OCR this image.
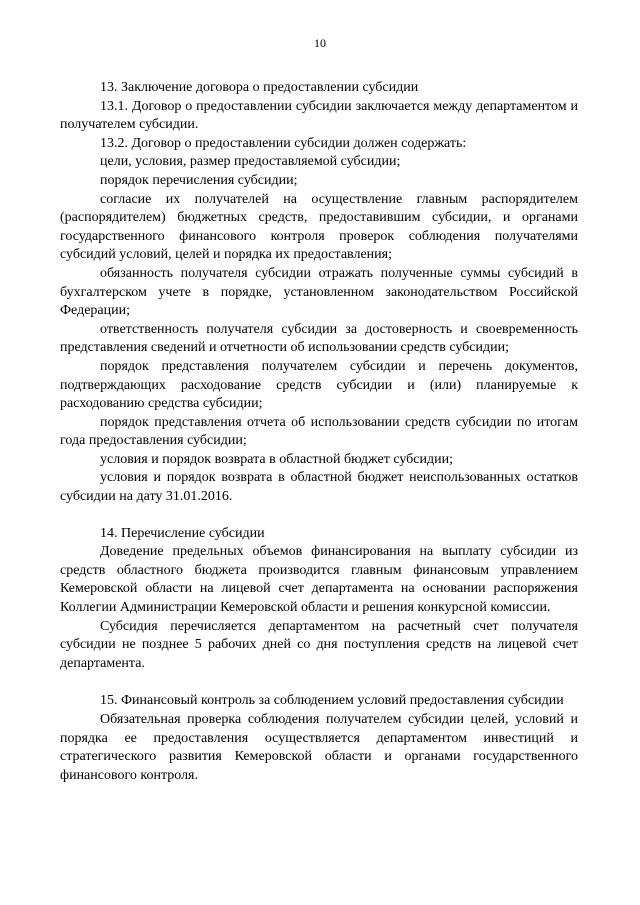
10

13. Заключение договора о предоставлении субсидии

13.1. Договор о предоставлении субсидии заключается между департаментом и получателем субсидии.

13.2. Договор о предоставлении субсидии должен содержать:

цели, условия, размер предоставляемой субсидии;

порядок перечисления субсидии;

согласие их получателей на осуществление главным распорядителем (распорядителем) бюджетных средств, предоставившим субсидии, и органами государственного финансового контроля проверок соблюдения получателями субсидий условий, целей и порядка их предоставления;

обязанность получателя субсидии отражать полученные суммы субсидий в бухгалтерском учете в порядке, установленном законодательством Российской Федерации;

ответственность получателя субсидии за достоверность и своевременность представления сведений и отчетности об использовании средств субсидии;

порядок представления получателем субсидии и перечень документов, подтверждающих расходование средств субсидии и (или) планируемые к расходованию средства субсидии;

порядок представления отчета об использовании средств субсидии по итогам года предоставления субсидии;

условия и порядок возврата в областной бюджет субсидии;

условия и порядок возврата в областной бюджет неиспользованных остатков субсидии на дату 31.01.2016.

14. Перечисление субсидии

Доведение предельных объемов финансирования на выплату субсидии из средств областного бюджета производится главным финансовым управлением Кемеровской области на лицевой счет департамента на основании распоряжения Коллегии Администрации Кемеровской области и решения конкурсной комиссии.

Субсидия перечисляется департаментом на расчетный счет получателя субсидии не позднее 5 рабочих дней со дня поступления средств на лицевой счет департамента.

15. Финансовый контроль за соблюдением условий предоставления субсидии

Обязательная проверка соблюдения получателем субсидии целей, условий и порядка ее предоставления осуществляется департаментом инвестиций и стратегического развития Кемеровской области и органами государственного финансового контроля.
